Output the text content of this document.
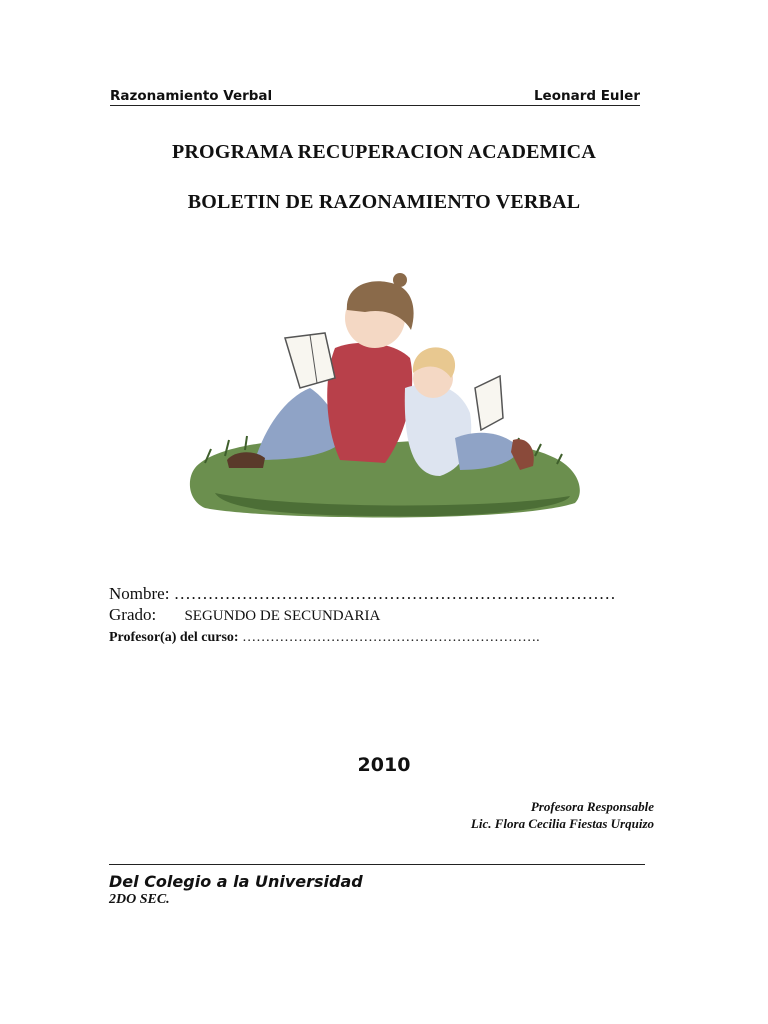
Razonamiento Verbal	Leonard Euler
PROGRAMA RECUPERACION ACADEMICA
BOLETIN DE RAZONAMIENTO VERBAL
Nombre: ……………………………………………………………………
Grado: SEGUNDO DE SECUNDARIA
Profesor(a) del curso: ……………………………………………………….
2010
Profesora Responsable
Lic. Flora Cecilia Fiestas Urquizo
Del Colegio a la Universidad
2DO SEC.
